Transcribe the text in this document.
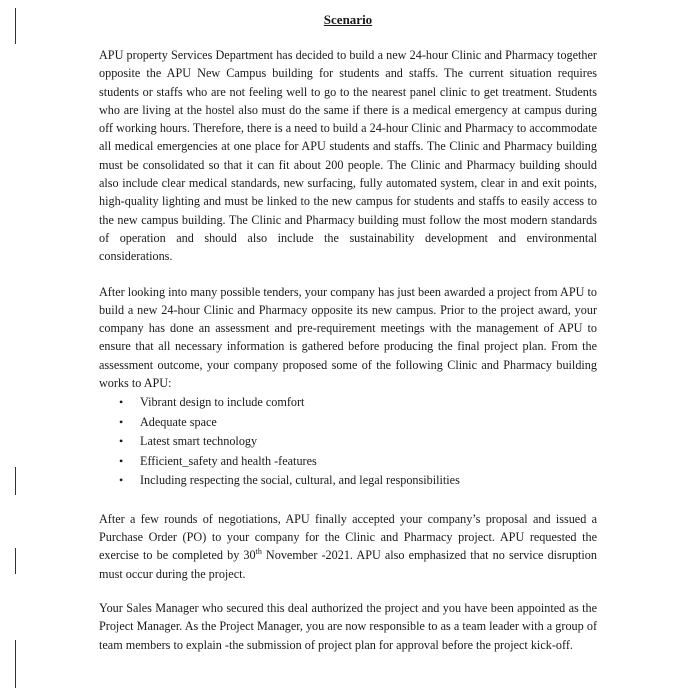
Scenario

APU property Services Department has decided to build a new 24-hour Clinic and Pharmacy together opposite the APU New Campus building for students and staffs. The current situation requires students or staffs who are not feeling well to go to the nearest panel clinic to get treatment. Students who are living at the hostel also must do the same if there is a medical emergency at campus during off working hours. Therefore, there is a need to build a 24-hour Clinic and Pharmacy to accommodate all medical emergencies at one place for APU students and staffs. The Clinic and Pharmacy building must be consolidated so that it can fit about 200 people. The Clinic and Pharmacy building should also include clear medical standards, new surfacing, fully automated system, clear in and exit points, high-quality lighting and must be linked to the new campus for students and staffs to easily access to the new campus building. The Clinic and Pharmacy building must follow the most modern standards of operation and should also include the sustainability development and environmental considerations.

After looking into many possible tenders, your company has just been awarded a project from APU to build a new 24-hour Clinic and Pharmacy opposite its new campus. Prior to the project award, your company has done an assessment and pre-requirement meetings with the management of APU to ensure that all necessary information is gathered before producing the final project plan. From the assessment outcome, your company proposed some of the following Clinic and Pharmacy building works to APU:

• Vibrant design to include comfort
• Adequate space
• Latest smart technology
• Efficient_safety and health -features
• Including respecting the social, cultural, and legal responsibilities

After a few rounds of negotiations, APU finally accepted your company’s proposal and issued a Purchase Order (PO) to your company for the Clinic and Pharmacy project. APU requested the exercise to be completed by 30th November -2021. APU also emphasized that no service disruption must occur during the project.

Your Sales Manager who secured this deal authorized the project and you have been appointed as the Project Manager. As the Project Manager, you are now responsible to as a team leader with a group of team members to explain -the submission of project plan for approval before the project kick-off.
